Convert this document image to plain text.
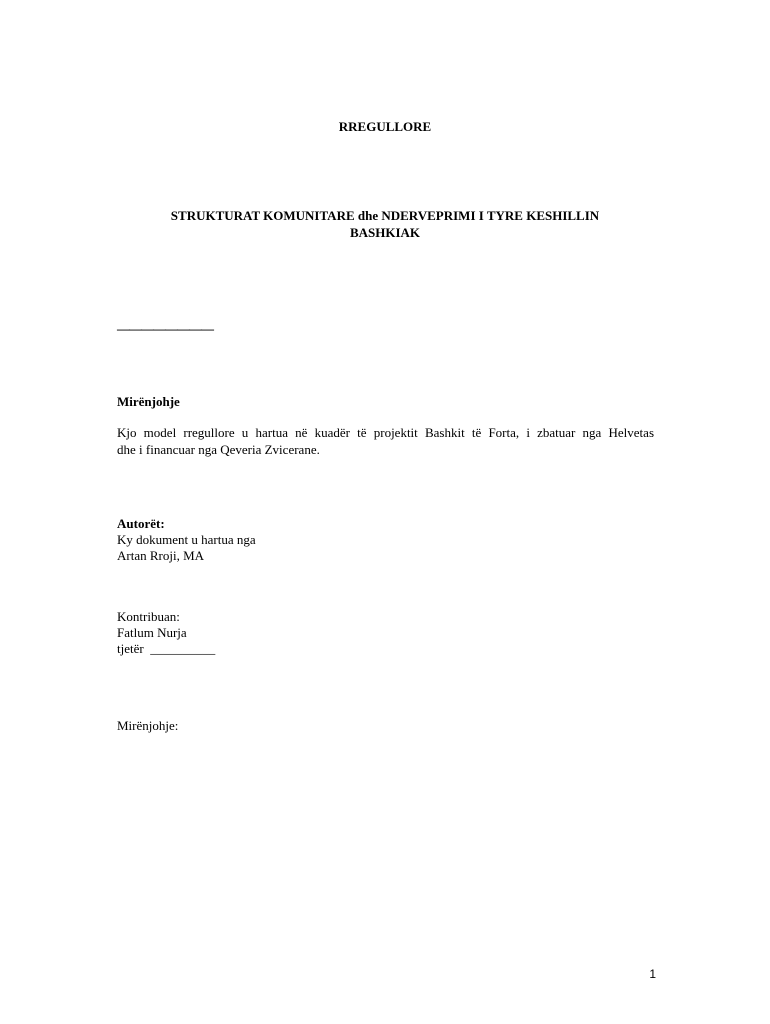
RREGULLORE
STRUKTURAT KOMUNITARE dhe NDERVEPRIMI I TYRE KESHILLIN
BASHKIAK
————————
Mirënjohje
Kjo model rregullore u hartua në kuadër të projektit Bashkit të Forta, i zbatuar nga Helvetas
dhe i financuar nga Qeveria Zvicerane.
Autorët:
Ky dokument u hartua nga
Artan Rroji, MA
Kontribuan:
Fatlum Nurja
tjetër  __________
Mirënjohje:
1
